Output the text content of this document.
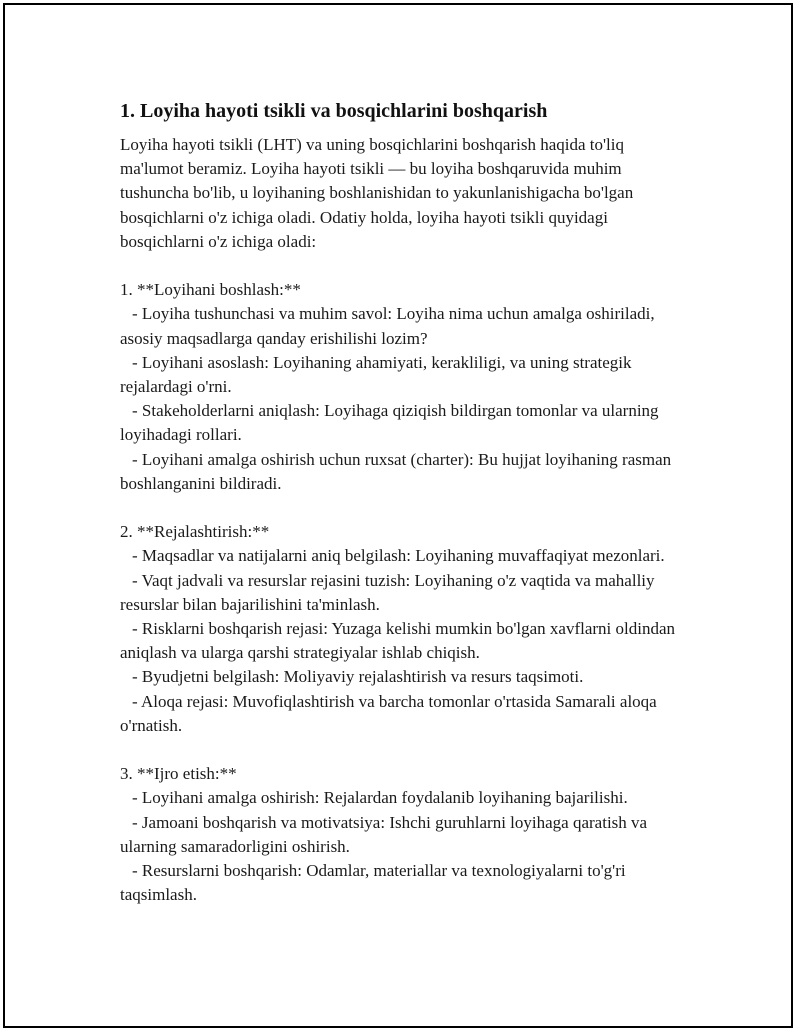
1. Loyiha hayoti tsikli va bosqichlarini boshqarish

Loyiha hayoti tsikli (LHT) va uning bosqichlarini boshqarish haqida to'liq ma'lumot beramiz. Loyiha hayoti tsikli — bu loyiha boshqaruvida muhim tushuncha bo'lib, u loyihaning boshlanishidan to yakunlanishigacha bo'lgan bosqichlarni o'z ichiga oladi. Odatiy holda, loyiha hayoti tsikli quyidagi bosqichlarni o'z ichiga oladi:

1. **Loyihani boshlash:**

- Loyiha tushunchasi va muhim savol: Loyiha nima uchun amalga oshiriladi, asosiy maqsadlarga qanday erishilishi lozim?

- Loyihani asoslash: Loyihaning ahamiyati, kerakliligi, va uning strategik rejalardagi o'rni.

- Stakeholderlarni aniqlash: Loyihaga qiziqish bildirgan tomonlar va ularning loyihadagi rollari.

- Loyihani amalga oshirish uchun ruxsat (charter): Bu hujjat loyihaning rasman boshlanganini bildiradi.

2. **Rejalashtirish:**

- Maqsadlar va natijalarni aniq belgilash: Loyihaning muvaffaqiyat mezonlari.

- Vaqt jadvali va resurslar rejasini tuzish: Loyihaning o'z vaqtida va mahalliy resurslar bilan bajarilishini ta'minlash.

- Risklarni boshqarish rejasi: Yuzaga kelishi mumkin bo'lgan xavflarni oldindan aniqlash va ularga qarshi strategiyalar ishlab chiqish.

- Byudjetni belgilash: Moliyaviy rejalashtirish va resurs taqsimoti.

- Aloqa rejasi: Muvofiqlashtirish va barcha tomonlar o'rtasida Samarali aloqa o'rnatish.

3. **Ijro etish:**

- Loyihani amalga oshirish: Rejalardan foydalanib loyihaning bajarilishi.

- Jamoani boshqarish va motivatsiya: Ishchi guruhlarni loyihaga qaratish va ularning samaradorligini oshirish.

- Resurslarni boshqarish: Odamlar, materiallar va texnologiyalarni to'g'ri taqsimlash.
